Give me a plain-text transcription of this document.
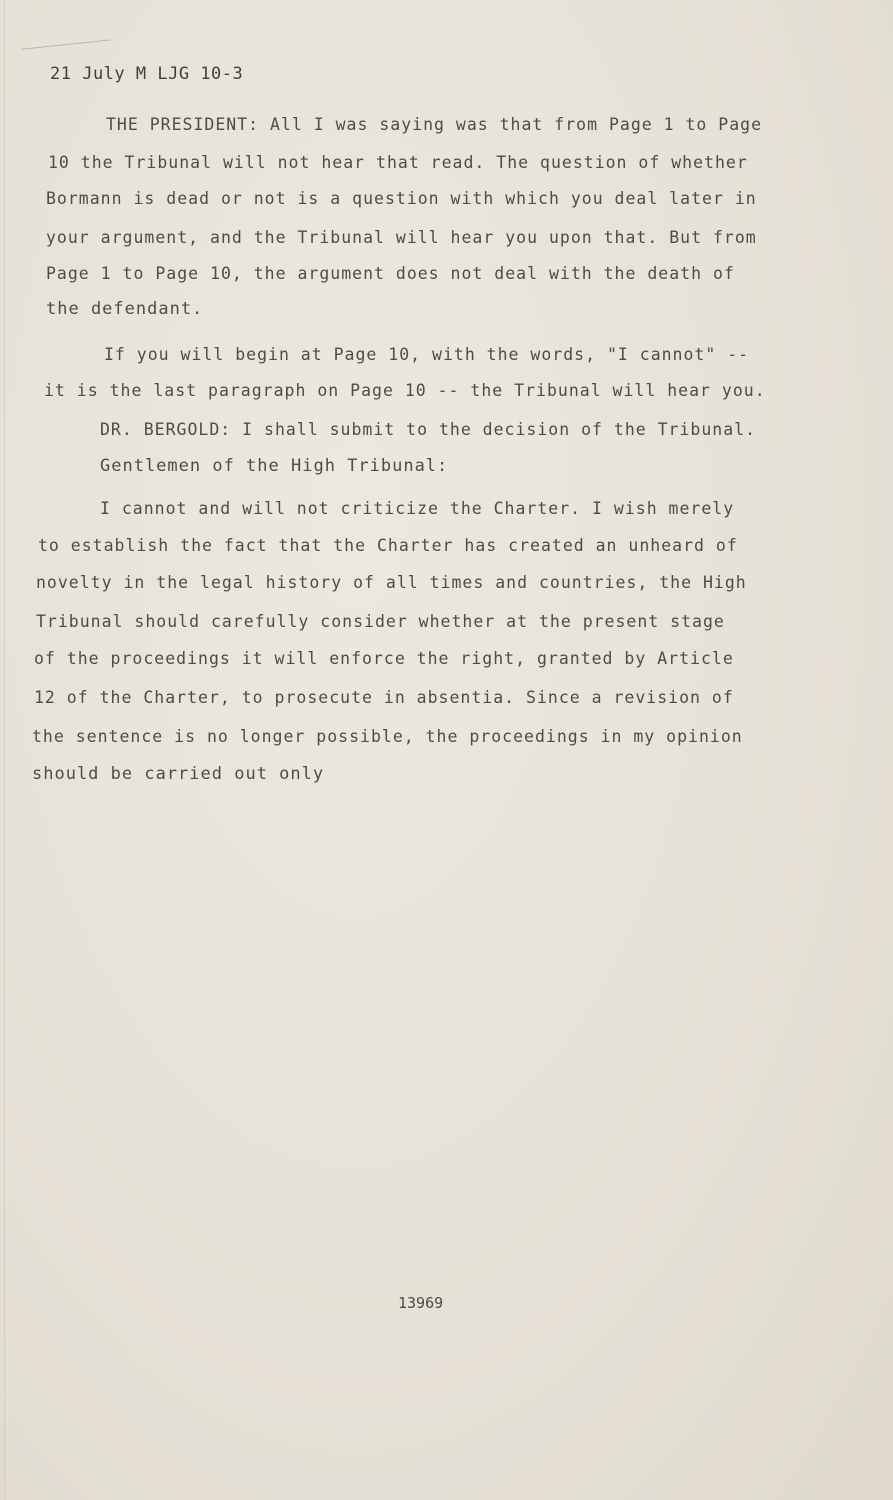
21 July M LJG 10-3
THE PRESIDENT: All I was saying was that from Page 1 to Page
10 the Tribunal will not hear that read. The question of whether
Bormann is dead or not is a question with which you deal later in
your argument, and the Tribunal will hear you upon that. But from
Page 1 to Page 10, the argument does not deal with the death of
the defendant.
If you will begin at Page 10, with the words, "I cannot" --
it is the last paragraph on Page 10 -- the Tribunal will hear you.
DR. BERGOLD: I shall submit to the decision of the Tribunal.
Gentlemen of the High Tribunal:
I cannot and will not criticize the Charter. I wish merely
to establish the fact that the Charter has created an unheard of
novelty in the legal history of all times and countries, the High
Tribunal should carefully consider whether at the present stage
of the proceedings it will enforce the right, granted by Article
12 of the Charter, to prosecute in absentia. Since a revision of
the sentence is no longer possible, the proceedings in my opinion
should be carried out only
13969
